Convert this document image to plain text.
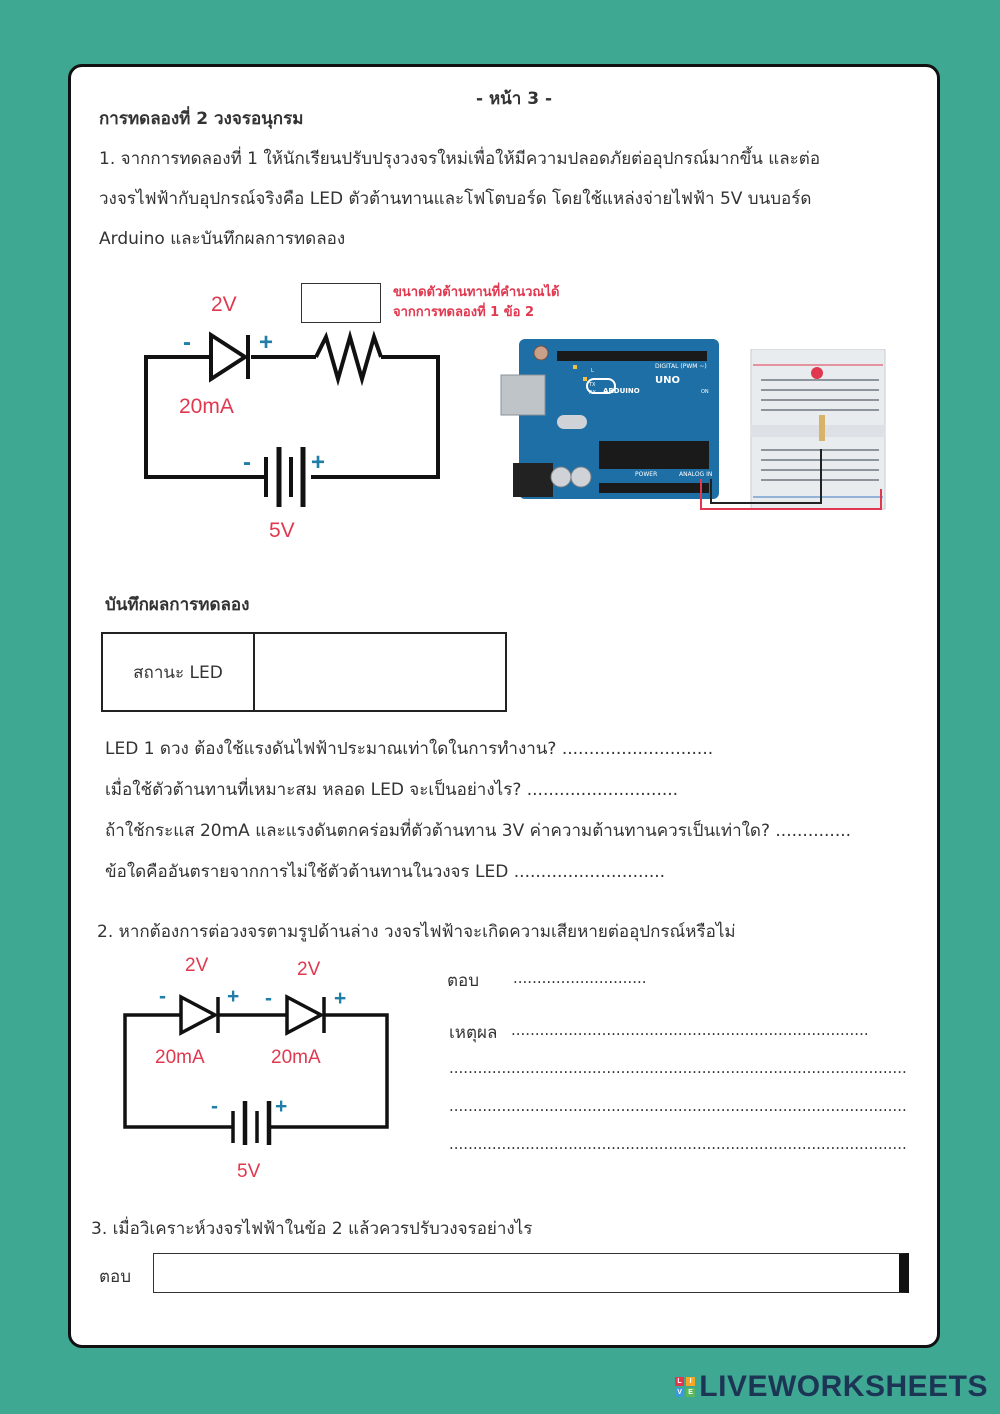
- หน้า 3 -
การทดลองที่ 2 วงจรอนุกรม
1. จากการทดลองที่ 1 ให้นักเรียนปรับปรุงวงจรใหม่เพื่อให้มีความปลอดภัยต่ออุปกรณ์มากขึ้น และต่อ
วงจรไฟฟ้ากับอุปกรณ์จริงคือ LED ตัวต้านทานและโฟโตบอร์ด โดยใช้แหล่งจ่ายไฟฟ้า 5V บนบอร์ด
Arduino และบันทึกผลการทดลอง
2V
-	+
20mA
-	+
5V
ขนาดตัวต้านทานที่คำนวณได้
จากการทดลองที่ 1 ข้อ 2
ARDUINO
UNO
DIGITAL (PWM ~)
POWER	ANALOG IN
TX
RX
L
ON
บันทึกผลการทดลอง
สถานะ LED
LED 1 ดวง ต้องใช้แรงดันไฟฟ้าประมาณเท่าใดในการทำงาน? ............................
เมื่อใช้ตัวต้านทานที่เหมาะสม หลอด LED จะเป็นอย่างไร? ............................
ถ้าใช้กระแส 20mA และแรงดันตกคร่อมที่ตัวต้านทาน 3V ค่าความต้านทานควรเป็นเท่าใด? ..............
ข้อใดคืออันตรายจากการไม่ใช้ตัวต้านทานในวงจร LED ............................
2. หากต้องการต่อวงจรตามรูปด้านล่าง วงจรไฟฟ้าจะเกิดความเสียหายต่ออุปกรณ์หรือไม่
2V	2V
-	+ -	+
20mA	20mA
-	+
5V
ตอบ ............................
เหตุผล ...........................................................................
................................................................................................
................................................................................................
................................................................................................
3. เมื่อวิเคราะห์วงจรไฟฟ้าในข้อ 2 แล้วควรปรับวงจรอย่างไร
ตอบ
L	I
V E LIVEWORKSHEETS
